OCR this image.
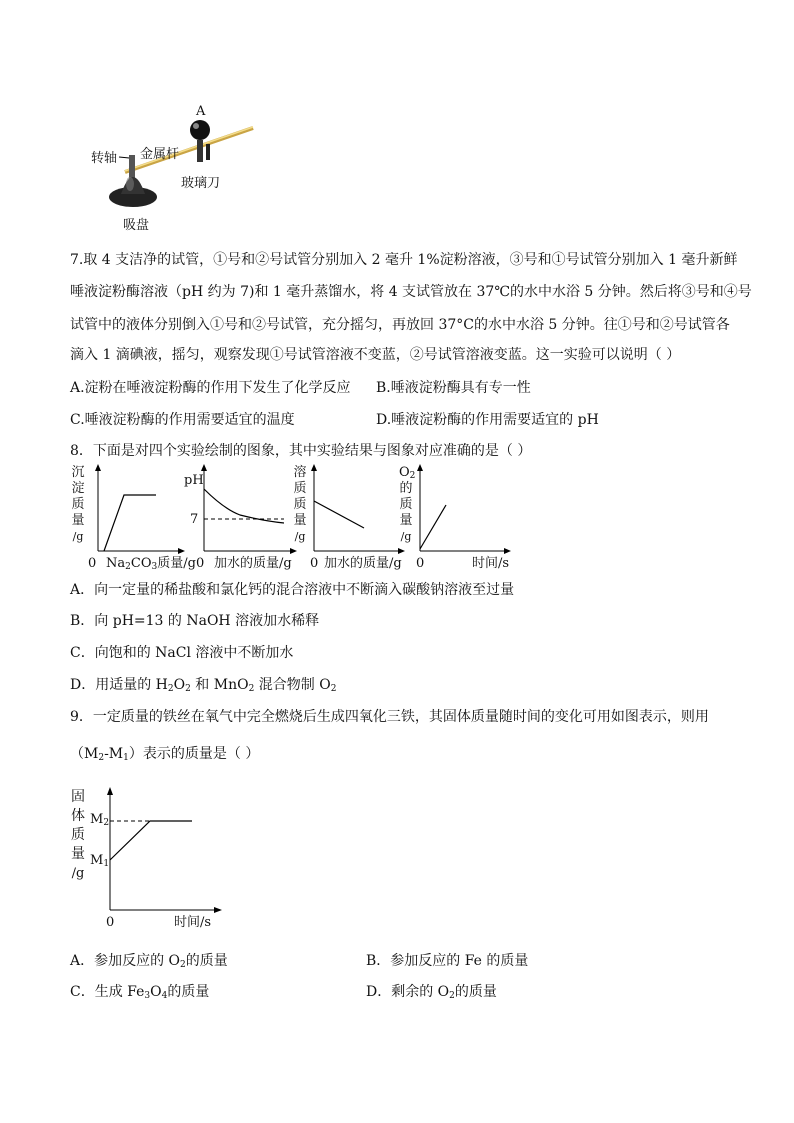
A
转轴 金属杆
玻璃刀
吸盘
7.取 4 支洁净的试管，①号和②号试管分别加入 2 毫升 1%淀粉溶液，③号和①号试管分别加入 1 毫升新鲜
唾液淀粉酶溶液（pH 约为 7)和 1 毫升蒸馏水，将 4 支试管放在 37℃的水中水浴 5 分钟。然后将③号和④号
试管中的液体分别倒入①号和②号试管，充分摇匀，再放回 37°C的水中水浴 5 分钟。往①号和②号试管各
滴入 1 滴碘液，摇匀，观察发现①号试管溶液不变蓝，②号试管溶液变蓝。这一实验可以说明（ ）
A.淀粉在唾液淀粉酶的作用下发生了化学反应 B.唾液淀粉酶具有专一性
C.唾液淀粉酶的作用需要适宜的温度	D.唾液淀粉酶的作用需要适宜的 pH
8．下面是对四个实验绘制的图象，其中实验结果与图象对应准确的是（ ）
沉
淀
质
量
/g
0 $Na_2CO_3$质量/g
pH
7
0 加水的质量/g
溶
质
质
量
/g
0 加水的质量/g
$O_2$
的
质
量
/g
0	时间/s
A．向一定量的稀盐酸和氯化钙的混合溶液中不断滴入碳酸钠溶液至过量
B．向 pH=13 的 NaOH 溶液加水稀释
C．向饱和的 NaCl 溶液中不断加水
D．用适量的 $H_2O_2$ 和 MnO$_2$ 混合物制 $O_2$
9．一定质量的铁丝在氧气中完全燃烧后生成四氧化三铁，其固体质量随时间的变化可用如图表示，则用
$(M_2-M_1)$表示的质量是（ ）
固
体
质
量
/g
$M_2$
$M_1$
0	时间/s
A．参加反应的 $O_2$的质量	B．参加反应的 Fe 的质量
C．生成 $Fe_3O_4$的质量	D．剩余的 $O_2$的质量
